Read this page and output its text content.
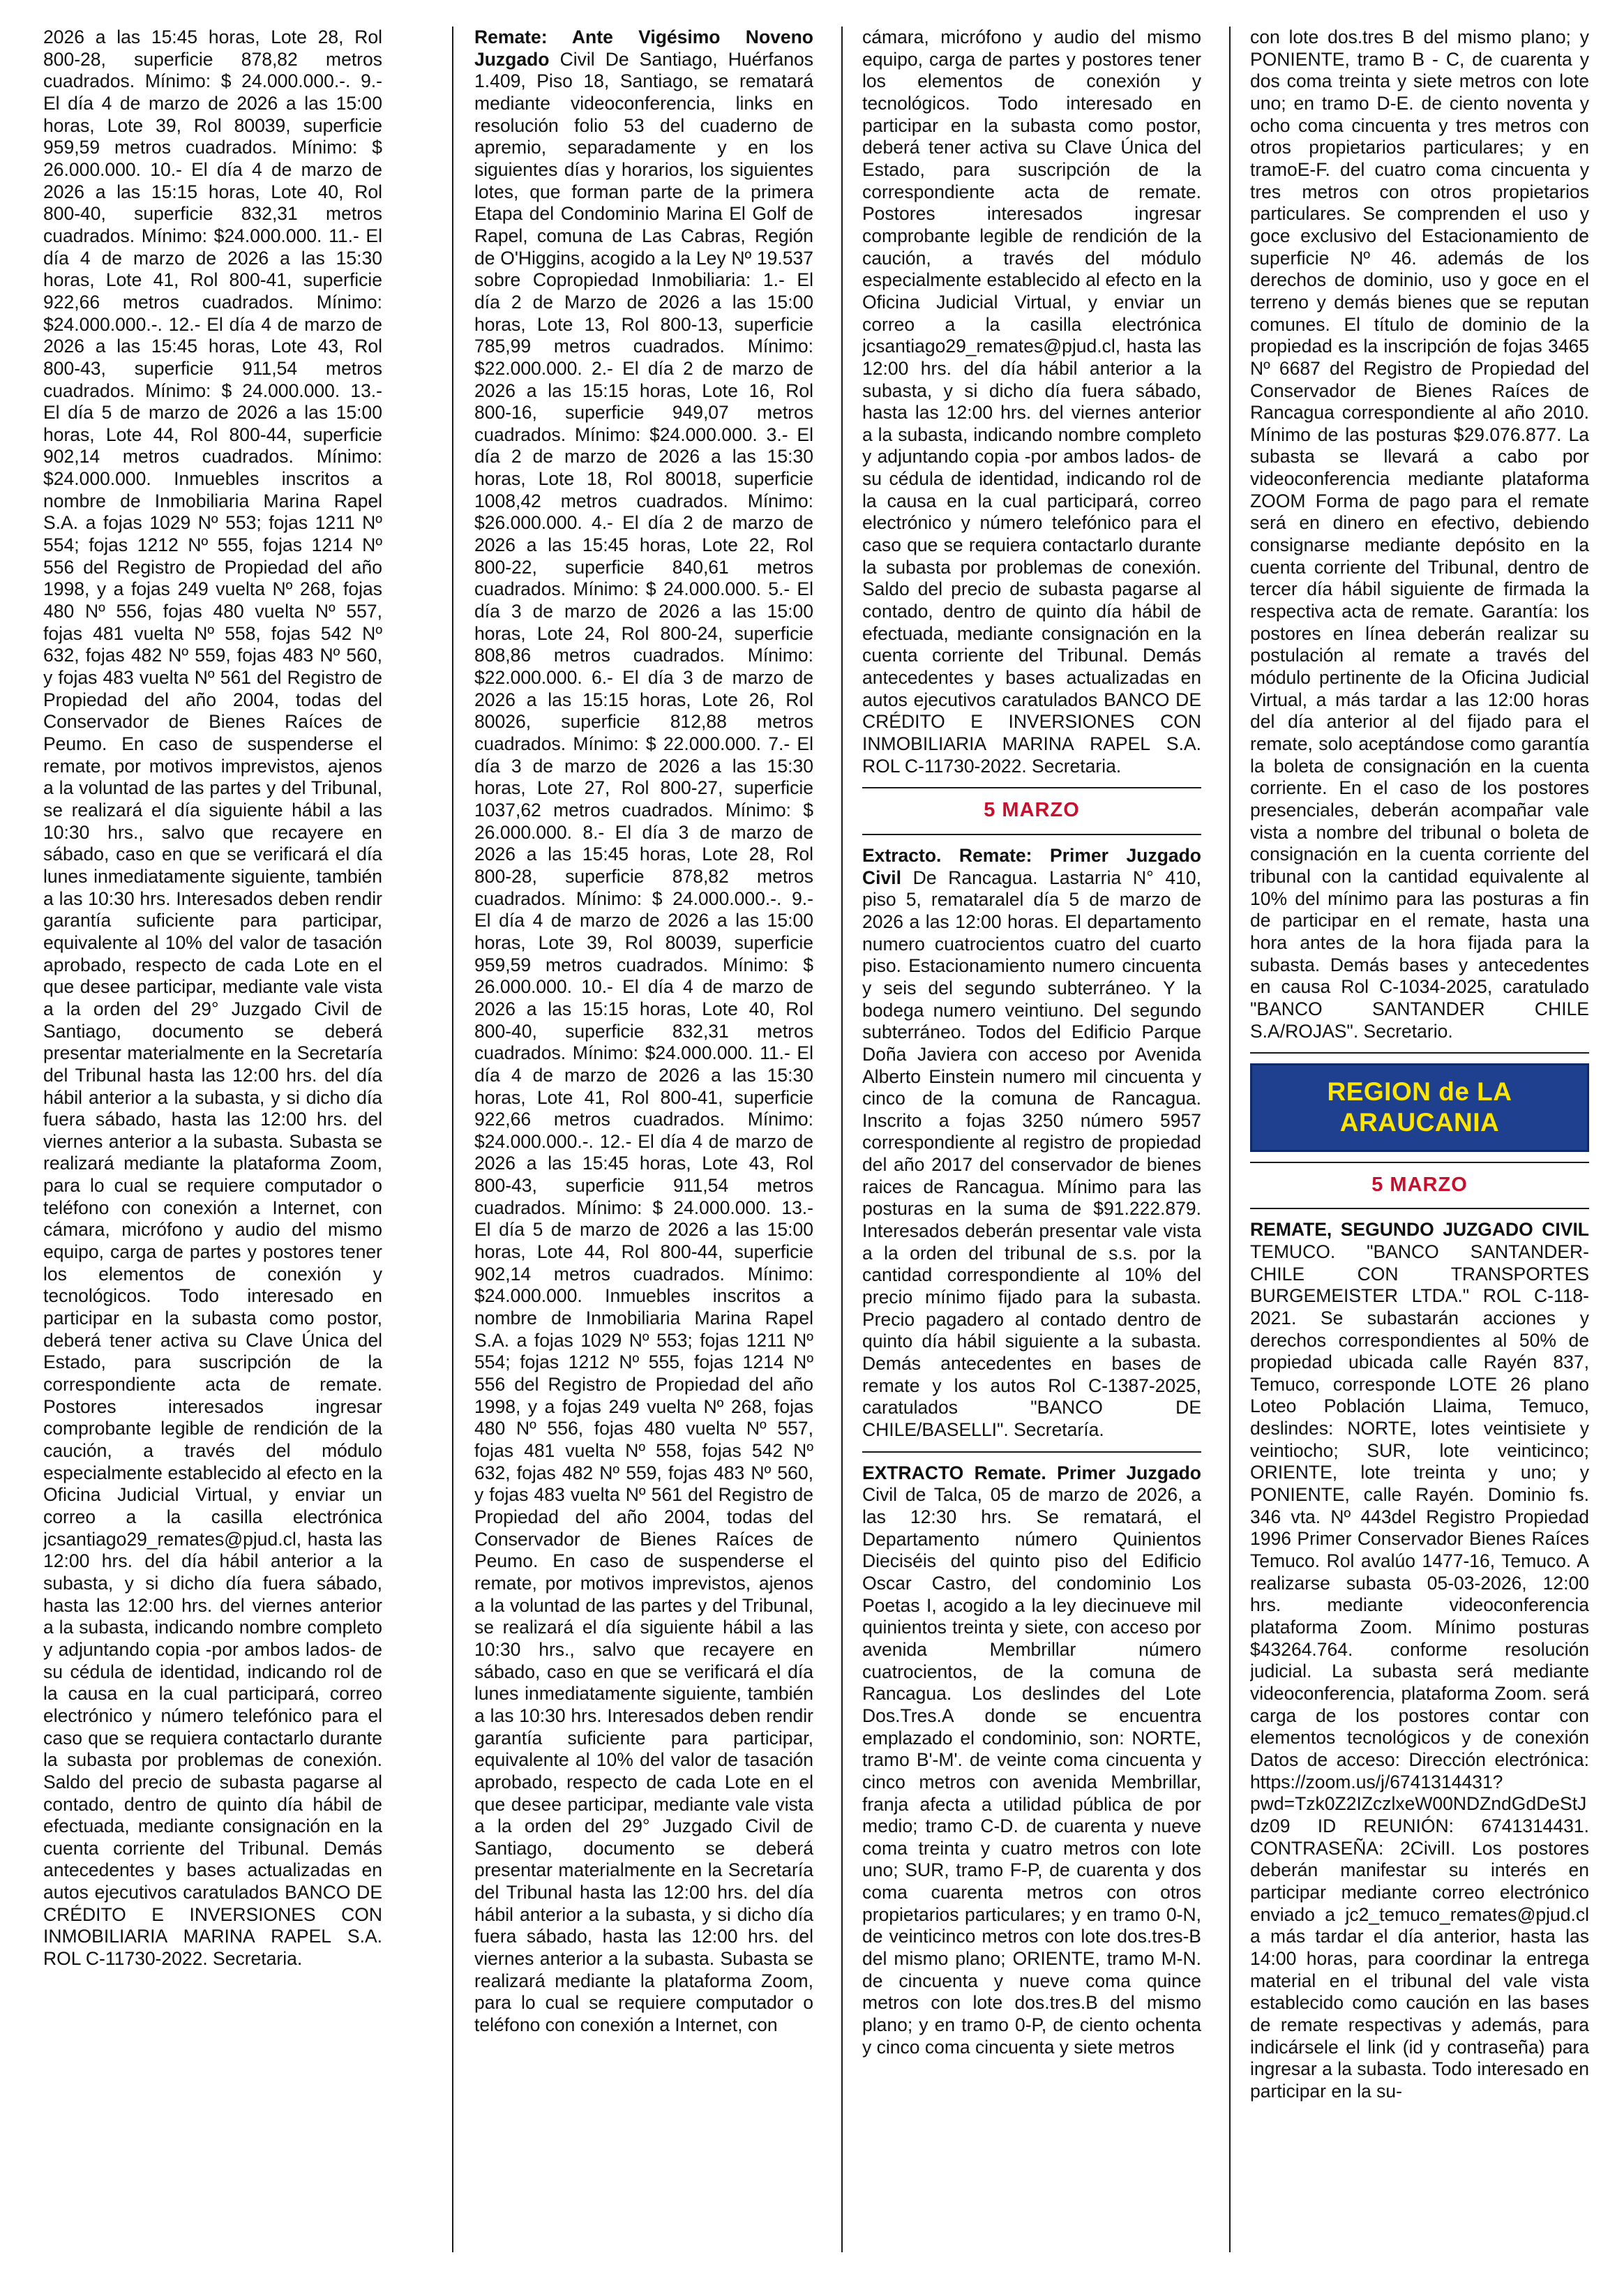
2026 a las 15:45 horas, Lote 28, Rol 800-28, superficie 878,82 metros cuadrados. Mínimo: $ 24.000.000.-. 9.- El día 4 de marzo de 2026 a las 15:00 horas, Lote 39, Rol 80039, superficie 959,59 metros cuadrados. Mínimo: $ 26.000.000. 10.- El día 4 de marzo de 2026 a las 15:15 horas, Lote 40, Rol 800-40, superficie 832,31 metros cuadrados. Mínimo: $24.000.000. 11.- El día 4 de marzo de 2026 a las 15:30 horas, Lote 41, Rol 800-41, superficie 922,66 metros cuadrados. Mínimo: $24.000.000.-. 12.- El día 4 de marzo de 2026 a las 15:45 horas, Lote 43, Rol 800-43, superficie 911,54 metros cuadrados. Mínimo: $ 24.000.000. 13.- El día 5 de marzo de 2026 a las 15:00 horas, Lote 44, Rol 800-44, superficie 902,14 metros cuadrados. Mínimo: $24.000.000. Inmuebles inscritos a nombre de Inmobiliaria Marina Rapel S.A. a fojas 1029 Nº 553; fojas 1211 Nº 554; fojas 1212 Nº 555, fojas 1214 Nº 556 del Registro de Propiedad del año 1998, y a fojas 249 vuelta Nº 268, fojas 480 Nº 556, fojas 480 vuelta Nº 557, fojas 481 vuelta Nº 558, fojas 542 Nº 632, fojas 482 Nº 559, fojas 483 Nº 560, y fojas 483 vuelta Nº 561 del Registro de Propiedad del año 2004, todas del Conservador de Bienes Raíces de Peumo. En caso de suspenderse el remate, por motivos imprevistos, ajenos a la voluntad de las partes y del Tribunal, se realizará el día siguiente hábil a las 10:30 hrs., salvo que recayere en sábado, caso en que se verificará el día lunes inmediatamente siguiente, también a las 10:30 hrs. Interesados deben rendir garantía suficiente para participar, equivalente al 10% del valor de tasación aprobado, respecto de cada Lote en el que desee participar, mediante vale vista a la orden del 29° Juzgado Civil de Santiago, documento se deberá presentar materialmente en la Secretaría del Tribunal hasta las 12:00 hrs. del día hábil anterior a la subasta, y si dicho día fuera sábado, hasta las 12:00 hrs. del viernes anterior a la subasta. Subasta se realizará mediante la plataforma Zoom, para lo cual se requiere computador o teléfono con conexión a Internet, con cámara, micrófono y audio del mismo equipo, carga de partes y postores tener los elementos de conexión y tecnológicos. Todo interesado en participar en la subasta como postor, deberá tener activa su Clave Única del Estado, para suscripción de la correspondiente acta de remate. Postores interesados ingresar comprobante legible de rendición de la caución, a través del módulo especialmente establecido al efecto en la Oficina Judicial Virtual, y enviar un correo a la casilla electrónica jcsantiago29_remates@pjud.cl, hasta las 12:00 hrs. del día hábil anterior a la subasta, y si dicho día fuera sábado, hasta las 12:00 hrs. del viernes anterior a la subasta, indicando nombre completo y adjuntando copia -por ambos lados- de su cédula de identidad, indicando rol de la causa en la cual participará, correo electrónico y número telefónico para el caso que se requiera contactarlo durante la subasta por problemas de conexión. Saldo del precio de subasta pagarse al contado, dentro de quinto día hábil de efectuada, mediante consignación en la cuenta corriente del Tribunal. Demás antecedentes y bases actualizadas en autos ejecutivos caratulados BANCO DE CRÉDITO E INVERSIONES CON INMOBILIARIA MARINA RAPEL S.A. ROL C-11730-2022. Secretaria.

Remate: Ante Vigésimo Noveno Juzgado Civil De Santiago, Huérfanos 1.409, Piso 18, Santiago, se rematará mediante videoconferencia, links en resolución folio 53 del cuaderno de apremio, separadamente y en los siguientes días y horarios, los siguientes lotes, que forman parte de la primera Etapa del Condominio Marina El Golf de Rapel, comuna de Las Cabras, Región de O'Higgins, acogido a la Ley Nº 19.537 sobre Copropiedad Inmobiliaria: 1.- El día 2 de Marzo de 2026 a las 15:00 horas, Lote 13, Rol 800-13, superficie 785,99 metros cuadrados. Mínimo: $22.000.000. 2.- El día 2 de marzo de 2026 a las 15:15 horas, Lote 16, Rol 800-16, superficie 949,07 metros cuadrados. Mínimo: $24.000.000. 3.- El día 2 de marzo de 2026 a las 15:30 horas, Lote 18, Rol 80018, superficie 1008,42 metros cuadrados. Mínimo: $26.000.000. 4.- El día 2 de marzo de 2026 a las 15:45 horas, Lote 22, Rol 800-22, superficie 840,61 metros cuadrados. Mínimo: $ 24.000.000. 5.- El día 3 de marzo de 2026 a las 15:00 horas, Lote 24, Rol 800-24, superficie 808,86 metros cuadrados. Mínimo: $22.000.000. 6.- El día 3 de marzo de 2026 a las 15:15 horas, Lote 26, Rol 80026, superficie 812,88 metros cuadrados. Mínimo: $ 22.000.000. 7.- El día 3 de marzo de 2026 a las 15:30 horas, Lote 27, Rol 800-27, superficie 1037,62 metros cuadrados. Mínimo: $ 26.000.000. 8.- El día 3 de marzo de 2026 a las 15:45 horas, Lote 28, Rol 800-28, superficie 878,82 metros cuadrados. Mínimo: $ 24.000.000.-. 9.- El día 4 de marzo de 2026 a las 15:00 horas, Lote 39, Rol 80039, superficie 959,59 metros cuadrados. Mínimo: $ 26.000.000. 10.- El día 4 de marzo de 2026 a las 15:15 horas, Lote 40, Rol 800-40, superficie 832,31 metros cuadrados. Mínimo: $24.000.000. 11.- El día 4 de marzo de 2026 a las 15:30 horas, Lote 41, Rol 800-41, superficie 922,66 metros cuadrados. Mínimo: $24.000.000.-. 12.- El día 4 de marzo de 2026 a las 15:45 horas, Lote 43, Rol 800-43, superficie 911,54 metros cuadrados. Mínimo: $ 24.000.000. 13.- El día 5 de marzo de 2026 a las 15:00 horas, Lote 44, Rol 800-44, superficie 902,14 metros cuadrados. Mínimo: $24.000.000. Inmuebles inscritos a nombre de Inmobiliaria Marina Rapel S.A. a fojas 1029 Nº 553; fojas 1211 Nº 554; fojas 1212 Nº 555, fojas 1214 Nº 556 del Registro de Propiedad del año 1998, y a fojas 249 vuelta Nº 268, fojas 480 Nº 556, fojas 480 vuelta Nº 557, fojas 481 vuelta Nº 558, fojas 542 Nº 632, fojas 482 Nº 559, fojas 483 Nº 560, y fojas 483 vuelta Nº 561 del Registro de Propiedad del año 2004, todas del Conservador de Bienes Raíces de Peumo. En caso de suspenderse el remate, por motivos imprevistos, ajenos a la voluntad de las partes y del Tribunal, se realizará el día siguiente hábil a las 10:30 hrs., salvo que recayere en sábado, caso en que se verificará el día lunes inmediatamente siguiente, también a las 10:30 hrs. Interesados deben rendir garantía suficiente para participar, equivalente al 10% del valor de tasación aprobado, respecto de cada Lote en el que desee participar, mediante vale vista a la orden del 29° Juzgado Civil de Santiago, documento se deberá presentar materialmente en la Secretaría del Tribunal hasta las 12:00 hrs. del día hábil anterior a la subasta, y si dicho día fuera sábado, hasta las 12:00 hrs. del viernes anterior a la subasta. Subasta se realizará mediante la plataforma Zoom, para lo cual se requiere computador o teléfono con conexión a Internet, con

cámara, micrófono y audio del mismo equipo, carga de partes y postores tener los elementos de conexión y tecnológicos. Todo interesado en participar en la subasta como postor, deberá tener activa su Clave Única del Estado, para suscripción de la correspondiente acta de remate. Postores interesados ingresar comprobante legible de rendición de la caución, a través del módulo especialmente establecido al efecto en la Oficina Judicial Virtual, y enviar un correo a la casilla electrónica jcsantiago29_remates@pjud.cl, hasta las 12:00 hrs. del día hábil anterior a la subasta, y si dicho día fuera sábado, hasta las 12:00 hrs. del viernes anterior a la subasta, indicando nombre completo y adjuntando copia -por ambos lados- de su cédula de identidad, indicando rol de la causa en la cual participará, correo electrónico y número telefónico para el caso que se requiera contactarlo durante la subasta por problemas de conexión. Saldo del precio de subasta pagarse al contado, dentro de quinto día hábil de efectuada, mediante consignación en la cuenta corriente del Tribunal. Demás antecedentes y bases actualizadas en autos ejecutivos caratulados BANCO DE CRÉDITO E INVERSIONES CON INMOBILIARIA MARINA RAPEL S.A. ROL C-11730-2022. Secretaria.

5 MARZO

Extracto. Remate: Primer Juzgado Civil De Rancagua. Lastarria N° 410, piso 5, remataralel día 5 de marzo de 2026 a las 12:00 horas. El departamento numero cuatrocientos cuatro del cuarto piso. Estacionamiento numero cincuenta y seis del segundo subterráneo. Y la bodega numero veintiuno. Del segundo subterráneo. Todos del Edificio Parque Doña Javiera con acceso por Avenida Alberto Einstein numero mil cincuenta y cinco de la comuna de Rancagua. Inscrito a fojas 3250 número 5957 correspondiente al registro de propiedad del año 2017 del conservador de bienes raices de Rancagua. Mínimo para las posturas en la suma de $91.222.879. Interesados deberán presentar vale vista a la orden del tribunal de s.s. por la cantidad correspondiente al 10% del precio mínimo fijado para la subasta. Precio pagadero al contado dentro de quinto día hábil siguiente a la subasta. Demás antecedentes en bases de remate y los autos Rol C-1387-2025, caratulados "BANCO DE CHILE/BASELLI". Secretaría.

EXTRACTO Remate. Primer Juzgado Civil de Talca, 05 de marzo de 2026, a las 12:30 hrs. Se rematará, el Departamento número Quinientos Dieciséis del quinto piso del Edificio Oscar Castro, del condominio Los Poetas I, acogido a la ley diecinueve mil quinientos treinta y siete, con acceso por avenida Membrillar número cuatrocientos, de la comuna de Rancagua. Los deslindes del Lote Dos.Tres.A donde se encuentra emplazado el condominio, son: NORTE, tramo B'-M'. de veinte coma cincuenta y cinco metros con avenida Membrillar, franja afecta a utilidad pública de por medio; tramo C-D. de cuarenta y nueve coma treinta y cuatro metros con lote uno; SUR, tramo F-P, de cuarenta y dos coma cuarenta metros con otros propietarios particulares; y en tramo 0-N, de veinticinco metros con lote dos.tres-B del mismo plano; ORIENTE, tramo M-N. de cincuenta y nueve coma quince metros con lote dos.tres.B del mismo plano; y en tramo 0-P, de ciento ochenta y cinco coma cincuenta y siete metros

con lote dos.tres B del mismo plano; y PONIENTE, tramo B - C, de cuarenta y dos coma treinta y siete metros con lote uno; en tramo D-E. de ciento noventa y ocho coma cincuenta y tres metros con otros propietarios particulares; y en tramoE-F. del cuatro coma cincuenta y tres metros con otros propietarios particulares. Se comprenden el uso y goce exclusivo del Estacionamiento de superficie Nº 46. además de los derechos de dominio, uso y goce en el terreno y demás bienes que se reputan comunes. El título de dominio de la propiedad es la inscripción de fojas 3465 Nº 6687 del Registro de Propiedad del Conservador de Bienes Raíces de Rancagua correspondiente al año 2010. Mínimo de las posturas $29.076.877. La subasta se llevará a cabo por videoconferencia mediante plataforma ZOOM Forma de pago para el remate será en dinero en efectivo, debiendo consignarse mediante depósito en la cuenta corriente del Tribunal, dentro de tercer día hábil siguiente de firmada la respectiva acta de remate. Garantía: los postores en línea deberán realizar su postulación al remate a través del módulo pertinente de la Oficina Judicial Virtual, a más tardar a las 12:00 horas del día anterior al del fijado para el remate, solo aceptándose como garantía la boleta de consignación en la cuenta corriente. En el caso de los postores presenciales, deberán acompañar vale vista a nombre del tribunal o boleta de consignación en la cuenta corriente del tribunal con la cantidad equivalente al 10% del mínimo para las posturas a fin de participar en el remate, hasta una hora antes de la hora fijada para la subasta. Demás bases y antecedentes en causa Rol C-1034-2025, caratulado "BANCO SANTANDER CHILE S.A/ROJAS". Secretario.

REGION de LA ARAUCANIA
5 MARZO

REMATE, SEGUNDO JUZGADO CIVIL TEMUCO. "BANCO SANTANDER-CHILE CON TRANSPORTES BURGEMEISTER LTDA." ROL C-118-2021. Se subastarán acciones y derechos correspondientes al 50% de propiedad ubicada calle Rayén 837, Temuco, corresponde LOTE 26 plano Loteo Población Llaima, Temuco, deslindes: NORTE, lotes veintisiete y veintiocho; SUR, lote veinticinco; ORIENTE, lote treinta y uno; y PONIENTE, calle Rayén. Dominio fs. 346 vta. Nº 443del Registro Propiedad 1996 Primer Conservador Bienes Raíces Temuco. Rol avalúo 1477-16, Temuco. A realizarse subasta 05-03-2026, 12:00 hrs. mediante videoconferencia plataforma Zoom. Mínimo posturas $43264.764. conforme resolución judicial. La subasta será mediante videoconferencia, plataforma Zoom. será carga de los postores contar con elementos tecnológicos y de conexión Datos de acceso: Dirección electrónica: https://zoom.us/j/6741314431?pwd=Tzk0Z2IZczlxeW00NDZndGdDeStJdz09 ID REUNIÓN: 6741314431. CONTRASEÑA: 2CivilI. Los postores deberán manifestar su interés en participar mediante correo electrónico enviado a jc2_temuco_remates@pjud.cl a más tardar el día anterior, hasta las 14:00 horas, para coordinar la entrega material en el tribunal del vale vista establecido como caución en las bases de remate respectivas y además, para indicársele el link (id y contraseña) para ingresar a la subasta. Todo interesado en participar en la su-
